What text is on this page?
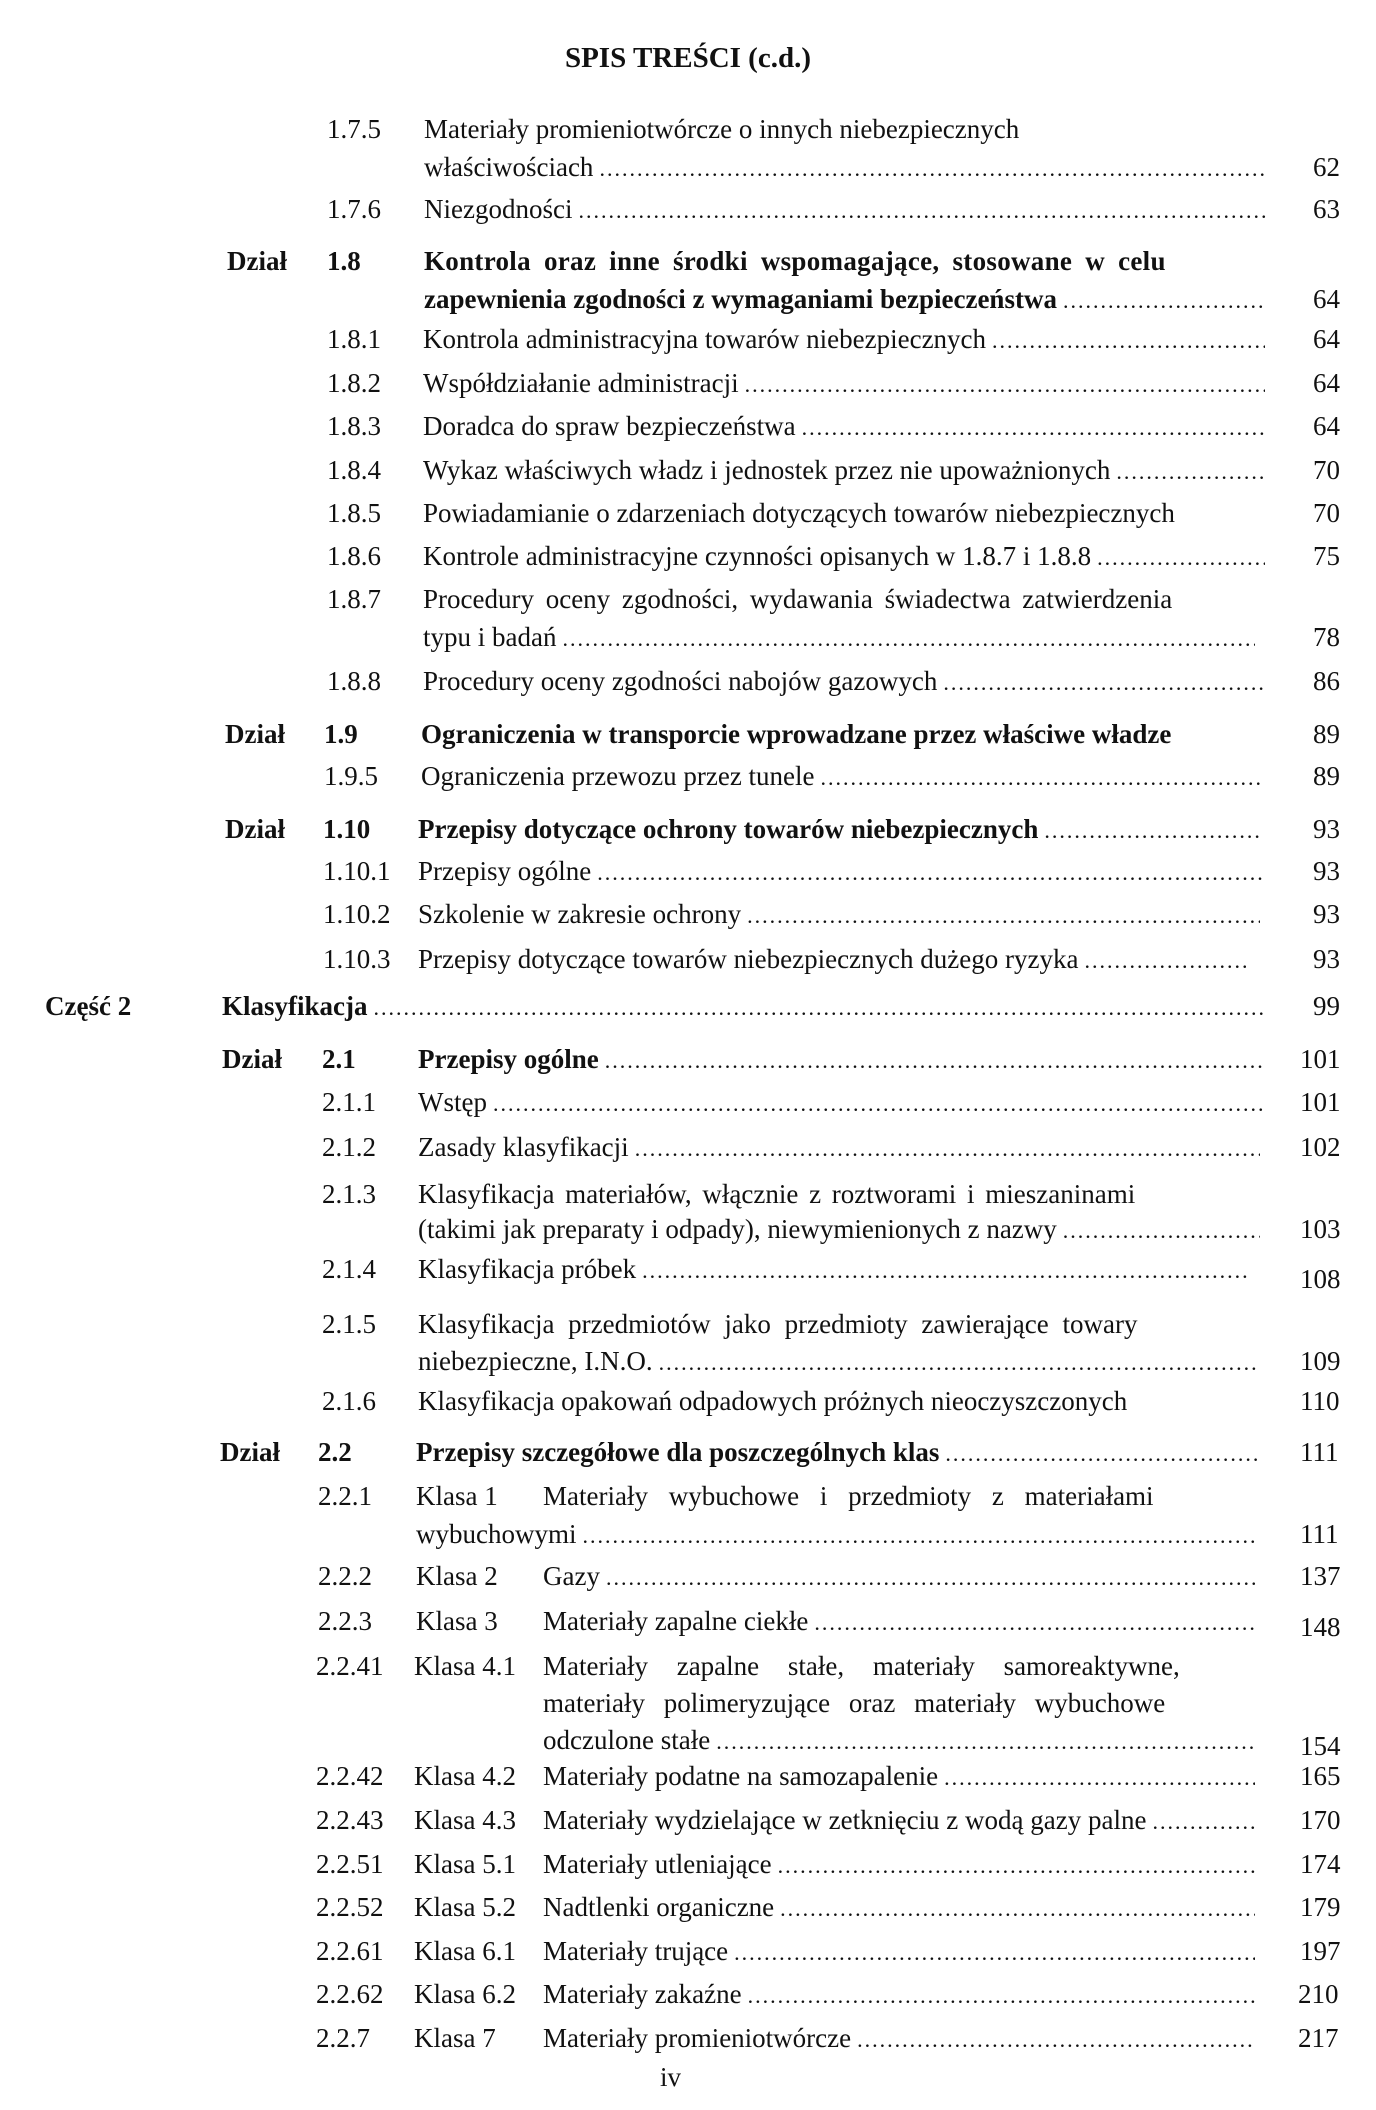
SPIS TREŚCI (c.d.)
1.7.5 Materiały promieniotwórcze o innych niebezpiecznych
właściwościach .....	62
1.7.6 Niezgodności .....	63
Dział 1.8 Kontrola oraz inne środki wspomagające, stosowane w celu
zapewnienia zgodności z wymaganiami bezpieczeństwa .....	64
1.8.1 Kontrola administracyjna towarów niebezpiecznych .....	64
1.8.2 Współdziałanie administracji .....	64
1.8.3 Doradca do spraw bezpieczeństwa .....	64
1.8.4 Wykaz właściwych władz i jednostek przez nie upoważnionych .....	70
1.8.5 Powiadamianie o zdarzeniach dotyczących towarów niebezpiecznych	70
1.8.6 Kontrole administracyjne czynności opisanych w 1.8.7 i 1.8.8 .....	75
1.8.7 Procedury oceny zgodności, wydawania świadectwa zatwierdzenia
typu i badań .....	78
1.8.8 Procedury oceny zgodności nabojów gazowych .....	86
Dział 1.9 Ograniczenia w transporcie wprowadzane przez właściwe władze	89
1.9.5 Ograniczenia przewozu przez tunele .....	89
Dział 1.10 Przepisy dotyczące ochrony towarów niebezpiecznych .....	93
1.10.1 Przepisy ogólne .....	93
1.10.2 Szkolenie w zakresie ochrony .....	93
1.10.3 Przepisy dotyczące towarów niebezpiecznych dużego ryzyka .....	93
Część 2	Klasyfikacja .....	99
Dział 2.1 Przepisy ogólne .....	101
2.1.1 Wstęp .....	101
2.1.2 Zasady klasyfikacji .....	102
2.1.3 Klasyfikacja materiałów, włącznie z roztworami i mieszaninami
(takimi jak preparaty i odpady), niewymienionych z nazwy .....	103
2.1.4 Klasyfikacja próbek .....	108
2.1.5 Klasyfikacja przedmiotów jako przedmioty zawierające towary
niebezpieczne, I.N.O. .....	109
2.1.6 Klasyfikacja opakowań odpadowych próżnych nieoczyszczonych	110
Dział 2.2 Przepisy szczegółowe dla poszczególnych klas .....	111
2.2.1 Klasa 1 Materiały wybuchowe i przedmioty z materiałami
wybuchowymi .....	111
2.2.2 Klasa 2 Gazy .....	137
2.2.3 Klasa 3 Materiały zapalne ciekłe .....	148
2.2.41 Klasa 4.1 Materiały zapalne stałe, materiały samoreaktywne,
materiały polimeryzujące oraz materiały wybuchowe
odczulone stałe .....	154
2.2.42 Klasa 4.2 Materiały podatne na samozapalenie .....	165
2.2.43 Klasa 4.3 Materiały wydzielające w zetknięciu z wodą gazy palne .....	170
2.2.51 Klasa 5.1 Materiały utleniające .....	174
2.2.52 Klasa 5.2 Nadtlenki organiczne .....	179
2.2.61 Klasa 6.1 Materiały trujące .....	197
2.2.62 Klasa 6.2 Materiały zakaźne .....	210
2.2.7 Klasa 7 Materiały promieniotwórcze .....	217
iv
